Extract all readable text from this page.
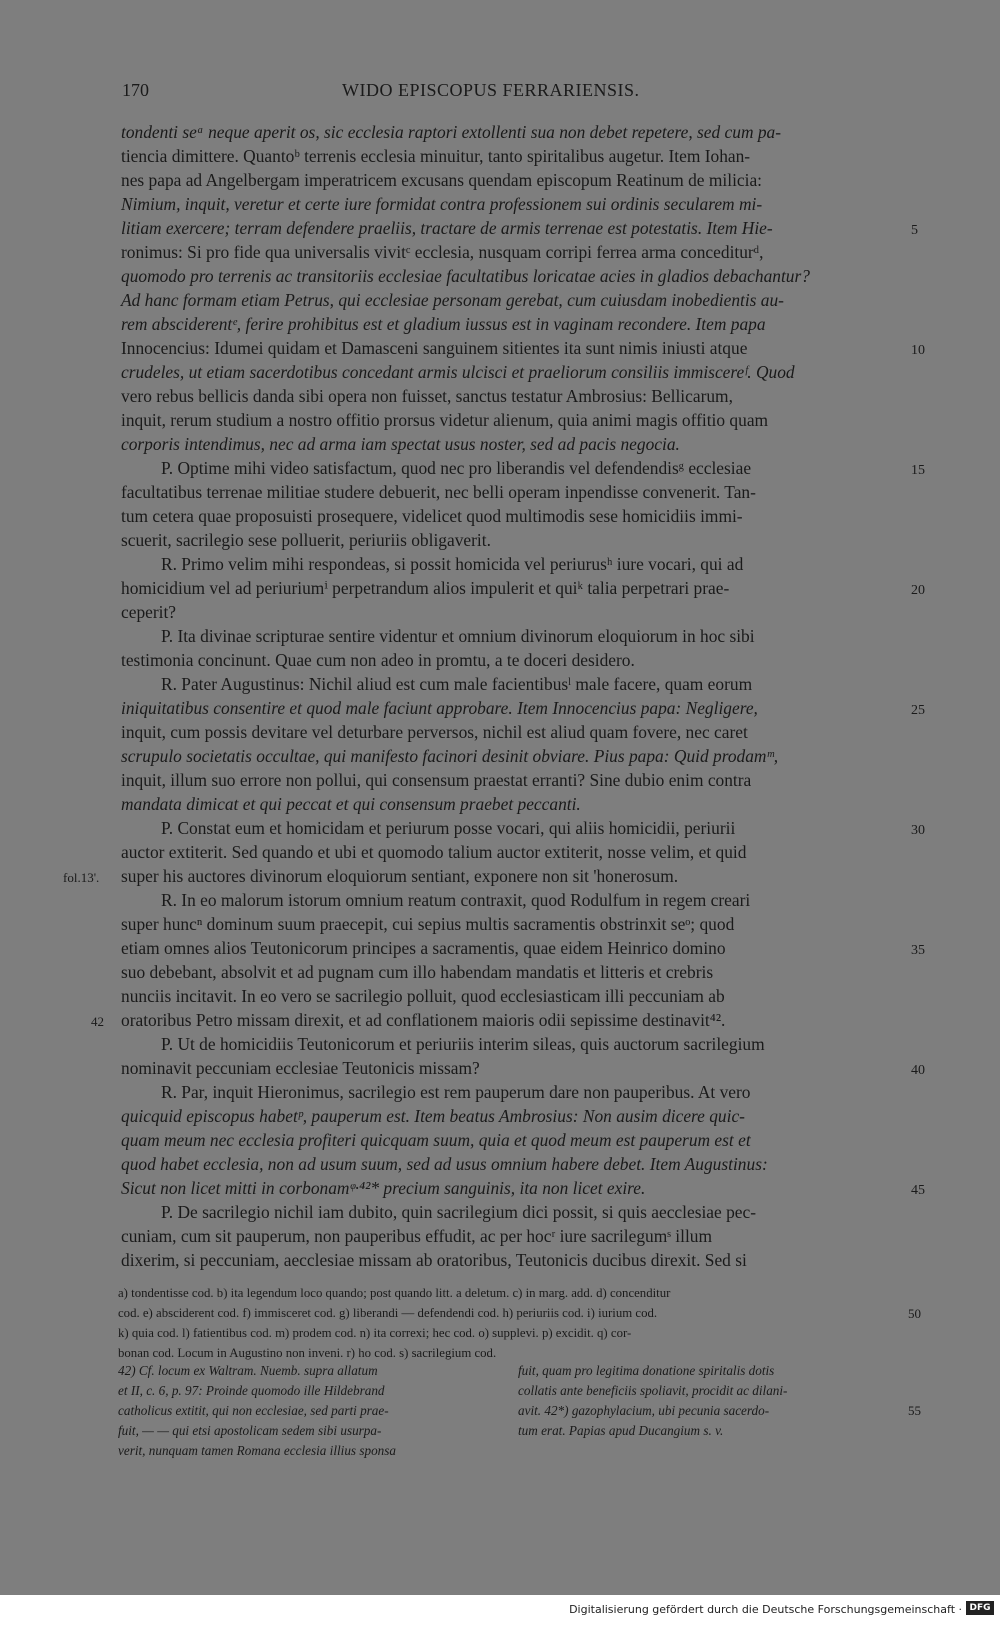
170	WIDO EPISCOPUS FERRARIENSIS.
tondenti seᵃ neque aperit os, sic ecclesia raptori extollenti sua non debet repetere, sed cum pa-
tiencia dimittere. Quantoᵇ terrenis ecclesia minuitur, tanto spiritalibus augetur. Item Iohan-
nes papa ad Angelbergam imperatricem excusans quendam episcopum Reatinum de milicia:
Nimium, inquit, veretur et certe iure formidat contra professionem sui ordinis secularem mi-
litiam exercere; terram defendere praeliis, tractare de armis terrenae est potestatis. Item Hie-	5
ronimus: Si pro fide qua universalis vivitᶜ ecclesia, nusquam corripi ferrea arma concediturᵈ,
quomodo pro terrenis ac transitoriis ecclesiae facultatibus loricatae acies in gladios debachantur?
Ad hanc formam etiam Petrus, qui ecclesiae personam gerebat, cum cuiusdam inobedientis au-
rem absciderentᵉ, ferire prohibitus est et gladium iussus est in vaginam recondere. Item papa
Innocencius: Idumei quidam et Damasceni sanguinem sitientes ita sunt nimis iniusti atque	10
crudeles, ut etiam sacerdotibus concedant armis ulcisci et praeliorum consiliis immiscereᶠ. Quod
vero rebus bellicis danda sibi opera non fuisset, sanctus testatur Ambrosius: Bellicarum,
inquit, rerum studium a nostro offitio prorsus videtur alienum, quia animi magis offitio quam
corporis intendimus, nec ad arma iam spectat usus noster, sed ad pacis negocia.
P. Optime mihi video satisfactum, quod nec pro liberandis vel defendendisᵍ ecclesiae	15
facultatibus terrenae militiae studere debuerit, nec belli operam inpendisse convenerit. Tan-
tum cetera quae proposuisti prosequere, videlicet quod multimodis sese homicidiis immi-
scuerit, sacrilegio sese polluerit, periuriis obligaverit.
R. Primo velim mihi respondeas, si possit homicida vel periurusʰ iure vocari, qui ad
homicidium vel ad periuriumⁱ perpetrandum alios impulerit et quiᵏ talia perpetrari prae-	20
ceperit?
P. Ita divinae scripturae sentire videntur et omnium divinorum eloquiorum in hoc sibi
testimonia concinunt. Quae cum non adeo in promtu, a te doceri desidero.
R. Pater Augustinus: Nichil aliud est cum male facientibusˡ male facere, quam eorum
iniquitatibus consentire et quod male faciunt approbare. Item Innocencius papa: Negligere,	25
inquit, cum possis devitare vel deturbare perversos, nichil est aliud quam fovere, nec caret
scrupulo societatis occultae, qui manifesto facinori desinit obviare. Pius papa: Quid prodamᵐ,
inquit, illum suo errore non pollui, qui consensum praestat erranti? Sine dubio enim contra
mandata dimicat et qui peccat et qui consensum praebet peccanti.
P. Constat eum et homicidam et periurum posse vocari, qui aliis homicidii, periurii	30
auctor extiterit. Sed quando et ubi et quomodo talium auctor extiterit, nosse velim, et quid
super his auctores divinorum eloquiorum sentiant, exponere non sit 'honerosum.
fol.13'.
R. In eo malorum istorum omnium reatum contraxit, quod Rodulfum in regem creari
super huncⁿ dominum suum praecepit, cui sepius multis sacramentis obstrinxit seᵒ; quod
etiam omnes alios Teutonicorum principes a sacramentis, quae eidem Heinrico domino	35
suo debebant, absolvit et ad pugnam cum illo habendam mandatis et litteris et crebris
nunciis incitavit. In eo vero se sacrilegio polluit, quod ecclesiasticam illi peccuniam ab
oratoribus Petro missam direxit, et ad conflationem maioris odii sepissime destinavit⁴².
42
P. Ut de homicidiis Teutonicorum et periuriis interim sileas, quis auctorum sacrilegium
nominavit peccuniam ecclesiae Teutonicis missam?	40
R. Par, inquit Hieronimus, sacrilegio est rem pauperum dare non pauperibus. At vero
quicquid episcopus habetᵖ, pauperum est. Item beatus Ambrosius: Non ausim dicere quic-
quam meum nec ecclesia profiteri quicquam suum, quia et quod meum est pauperum est et
quod habet ecclesia, non ad usum suum, sed ad usus omnium habere debet. Item Augustinus:
Sicut non licet mitti in corbonamᵠ·⁴²* precium sanguinis, ita non licet exire.	45
P. De sacrilegio nichil iam dubito, quin sacrilegium dici possit, si quis aecclesiae pec-
cuniam, cum sit pauperum, non pauperibus effudit, ac per hocʳ iure sacrilegumˢ illum
dixerim, si peccuniam, aecclesiae missam ab oratoribus, Teutonicis ducibus direxit. Sed si
a) tondentisse cod. b) ita legendum loco quando; post quando litt. a deletum. c) in marg. add. d) concenditur
cod. e) absciderent cod. f) immisceret cod. g) liberandi — defendendi cod. h) periuriis cod. i) iurium cod.	50
k) quia cod. l) fatientibus cod. m) prodem cod. n) ita correxi; hec cod. o) supplevi. p) excidit. q) cor-
bonan cod. Locum in Augustino non inveni. r) ho cod. s) sacrilegium cod.
42) Cf. locum ex Waltram. Nuemb. supra allatum
et II, c. 6, p. 97: Proinde quomodo ille Hildebrand
catholicus extitit, qui non ecclesiae, sed parti prae-
fuit, — — qui etsi apostolicam sedem sibi usurpa-
verit, nunquam tamen Romana ecclesia illius sponsa
fuit, quam pro legitima donatione spiritalis dotis
collatis ante beneficiis spoliavit, procidit ac dilani-
avit. 42*) gazophylacium, ubi pecunia sacerdo-
tum erat. Papias apud Ducangium s. v.
55
Digitalisierung gefördert durch die Deutsche Forschungsgemeinschaft · DFG
